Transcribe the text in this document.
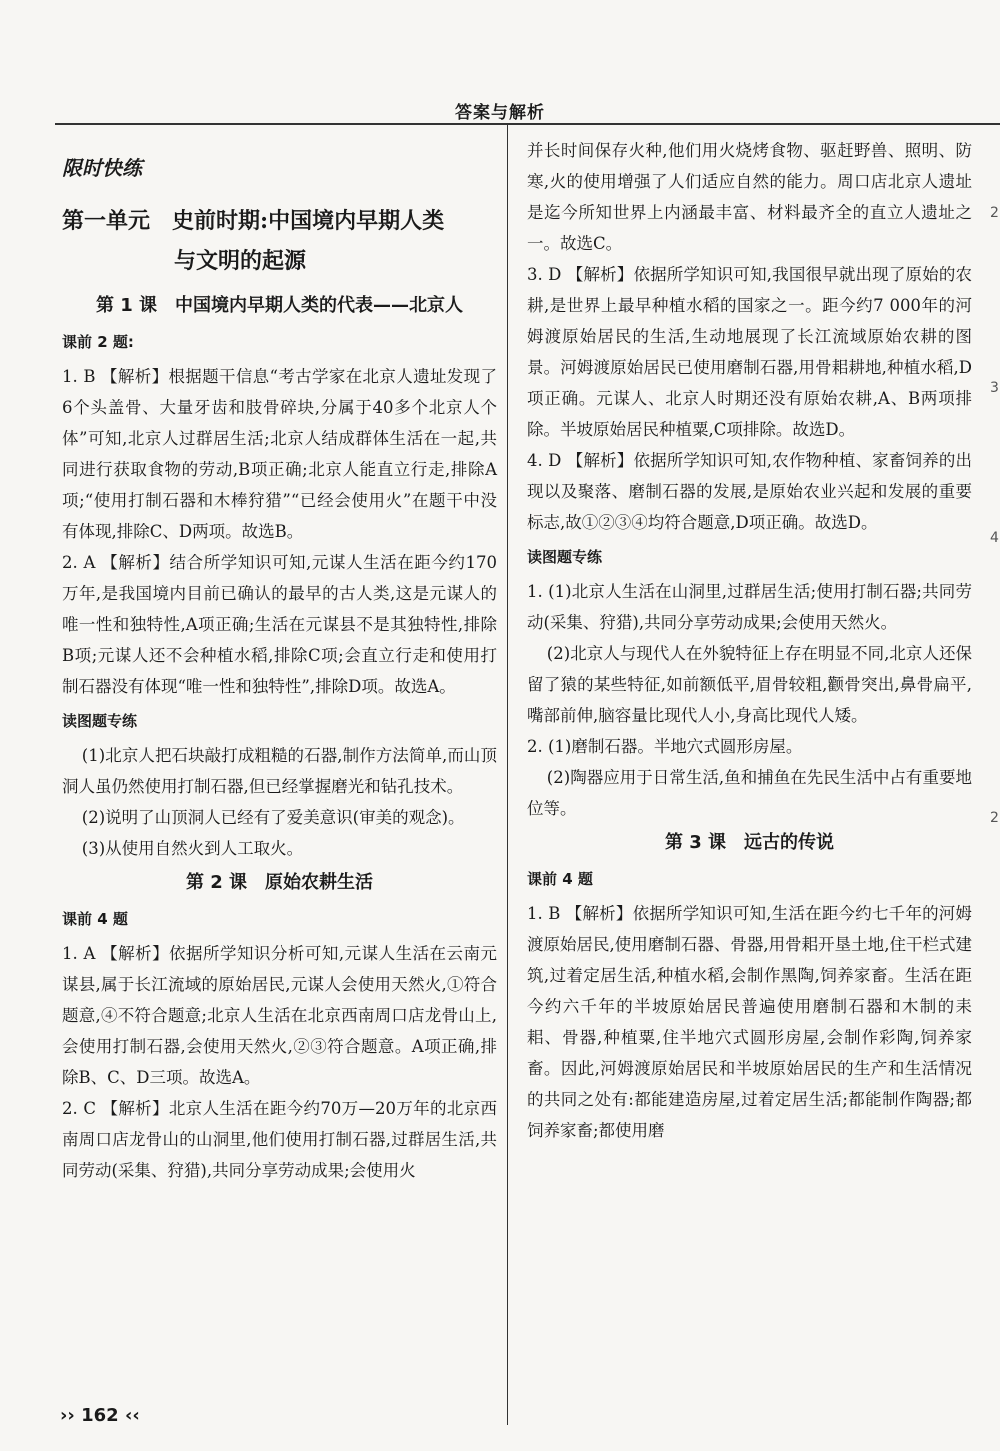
答案与解析
限时快练
第一单元　史前时期:中国境内早期人类
与文明的起源
第 1 课　中国境内早期人类的代表——北京人
课前 2 题:

1. B 【解析】根据题干信息“考古学家在北京人遗址发现了6个头盖骨、大量牙齿和肢骨碎块,分属于40多个北京人个体”可知,北京人过群居生活;北京人结成群体生活在一起,共同进行获取食物的劳动,B项正确;北京人能直立行走,排除A项;“使用打制石器和木棒狩猎”“已经会使用火”在题干中没有体现,排除C、D两项。故选B。

2. A 【解析】结合所学知识可知,元谋人生活在距今约170万年,是我国境内目前已确认的最早的古人类,这是元谋人的唯一性和独特性,A项正确;生活在元谋县不是其独特性,排除B项;元谋人还不会种植水稻,排除C项;会直立行走和使用打制石器没有体现“唯一性和独特性”,排除D项。故选A。

读图题专练

(1)北京人把石块敲打成粗糙的石器,制作方法简单,而山顶洞人虽仍然使用打制石器,但已经掌握磨光和钻孔技术。

(2)说明了山顶洞人已经有了爱美意识(审美的观念)。

(3)从使用自然火到人工取火。

第 2 课　原始农耕生活
课前 4 题

1. A 【解析】依据所学知识分析可知,元谋人生活在云南元谋县,属于长江流域的原始居民,元谋人会使用天然火,①符合题意,④不符合题意;北京人生活在北京西南周口店龙骨山上,会使用打制石器,会使用天然火,②③符合题意。A项正确,排除B、C、D三项。故选A。

2. C 【解析】北京人生活在距今约70万—20万年的北京西南周口店龙骨山的山洞里,他们使用打制石器,过群居生活,共同劳动(采集、狩猎),共同分享劳动成果;会使用火

并长时间保存火种,他们用火烧烤食物、驱赶野兽、照明、防寒,火的使用增强了人们适应自然的能力。周口店北京人遗址是迄今所知世界上内涵最丰富、材料最齐全的直立人遗址之一。故选C。

3. D 【解析】依据所学知识可知,我国很早就出现了原始的农耕,是世界上最早种植水稻的国家之一。距今约7 000年的河姆渡原始居民的生活,生动地展现了长江流域原始农耕的图景。河姆渡原始居民已使用磨制石器,用骨耜耕地,种植水稻,D项正确。元谋人、北京人时期还没有原始农耕,A、B两项排除。半坡原始居民种植粟,C项排除。故选D。

4. D 【解析】依据所学知识可知,农作物种植、家畜饲养的出现以及聚落、磨制石器的发展,是原始农业兴起和发展的重要标志,故①②③④均符合题意,D项正确。故选D。

读图题专练

1. (1)北京人生活在山洞里,过群居生活;使用打制石器;共同劳动(采集、狩猎),共同分享劳动成果;会使用天然火。

(2)北京人与现代人在外貌特征上存在明显不同,北京人还保留了猿的某些特征,如前额低平,眉骨较粗,颧骨突出,鼻骨扁平,嘴部前伸,脑容量比现代人小,身高比现代人矮。

2. (1)磨制石器。半地穴式圆形房屋。

(2)陶器应用于日常生活,鱼和捕鱼在先民生活中占有重要地位等。

第 3 课　远古的传说
课前 4 题

1. B 【解析】依据所学知识可知,生活在距今约七千年的河姆渡原始居民,使用磨制石器、骨器,用骨耜开垦土地,住干栏式建筑,过着定居生活,种植水稻,会制作黑陶,饲养家畜。生活在距今约六千年的半坡原始居民普遍使用磨制石器和木制的耒耜、骨器,种植粟,住半地穴式圆形房屋,会制作彩陶,饲养家畜。因此,河姆渡原始居民和半坡原始居民的生产和生活情况的共同之处有:都能建造房屋,过着定居生活;都能制作陶器;都饲养家畜;都使用磨

2
3
4
2
›› 162 ‹‹
